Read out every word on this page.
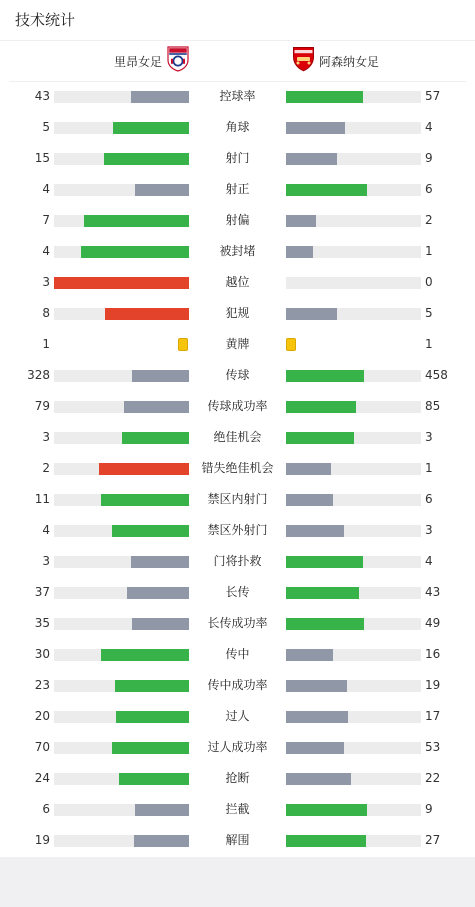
技术统计
里昂女足	阿森纳女足
43	控球率	57
5	角球	4
15	射门	9
4	射正	6
7	射偏	2
4	被封堵	1
3	越位	0
8	犯规	5
1	黄牌	1
328	传球	458
79	传球成功率	85
3	绝佳机会	3
2	错失绝佳机会	1
11	禁区内射门	6
4	禁区外射门	3
3	门将扑救	4
37	长传	43
35	长传成功率	49
30	传中	16
23	传中成功率	19
20	过人	17
70	过人成功率	53
24	抢断	22
6	拦截	9
19	解围	27
